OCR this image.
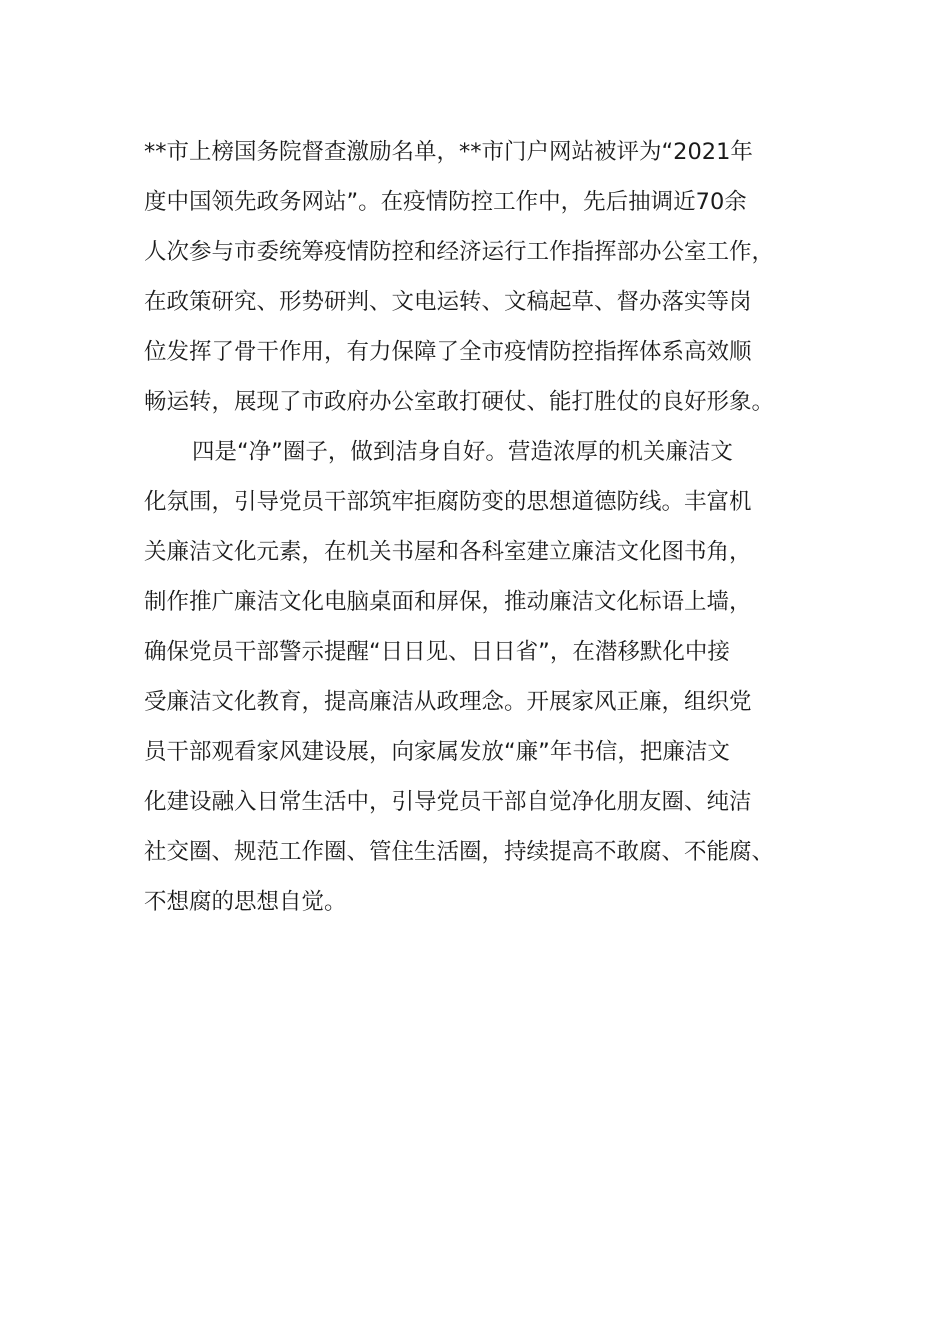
**市上榜国务院督查激励名单，**市门户网站被评为“2021年
度中国领先政务网站”。在疫情防控工作中，先后抽调近70余
人次参与市委统筹疫情防控和经济运行工作指挥部办公室工作，
在政策研究、形势研判、文电运转、文稿起草、督办落实等岗
位发挥了骨干作用，有力保障了全市疫情防控指挥体系高效顺
畅运转，展现了市政府办公室敢打硬仗、能打胜仗的良好形象。
四是“净”圈子，做到洁身自好。营造浓厚的机关廉洁文
化氛围，引导党员干部筑牢拒腐防变的思想道德防线。丰富机
关廉洁文化元素，在机关书屋和各科室建立廉洁文化图书角，
制作推广廉洁文化电脑桌面和屏保，推动廉洁文化标语上墙，
确保党员干部警示提醒“日日见、日日省”，在潜移默化中接
受廉洁文化教育，提高廉洁从政理念。开展家风正廉，组织党
员干部观看家风建设展，向家属发放“廉”年书信，把廉洁文
化建设融入日常生活中，引导党员干部自觉净化朋友圈、纯洁
社交圈、规范工作圈、管住生活圈，持续提高不敢腐、不能腐、
不想腐的思想自觉。
